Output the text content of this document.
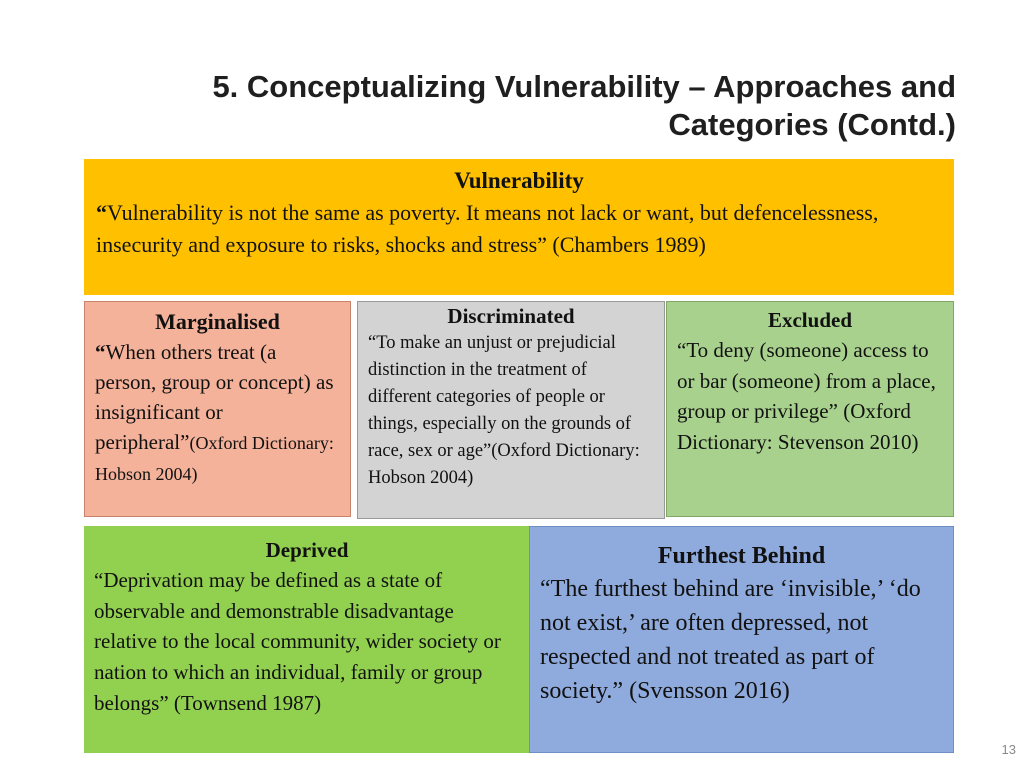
5. Conceptualizing Vulnerability – Approaches and
Categories (Contd.)
Vulnerability
“Vulnerability is not the same as poverty. It means not lack or want, but defencelessness, insecurity and exposure to risks, shocks and stress” (Chambers 1989)
Marginalised
“When others treat (a person, group or concept) as insignificant or peripheral”(Oxford Dictionary: Hobson 2004)
Discriminated
“To make an unjust or prejudicial distinction in the treatment of different categories of people or things, especially on the grounds of race, sex or age”(Oxford Dictionary: Hobson 2004)
Excluded
“To deny (someone) access to or bar (someone) from a place, group or privilege” (Oxford Dictionary: Stevenson 2010)
Deprived
“Deprivation may be defined as a state of observable and demonstrable disadvantage relative to the local community, wider society or nation to which an individual, family or group belongs” (Townsend 1987)
Furthest Behind
“The furthest behind are ‘invisible,’ ‘do not exist,’ are often depressed, not respected and not treated as part of society.” (Svensson 2016)
13
